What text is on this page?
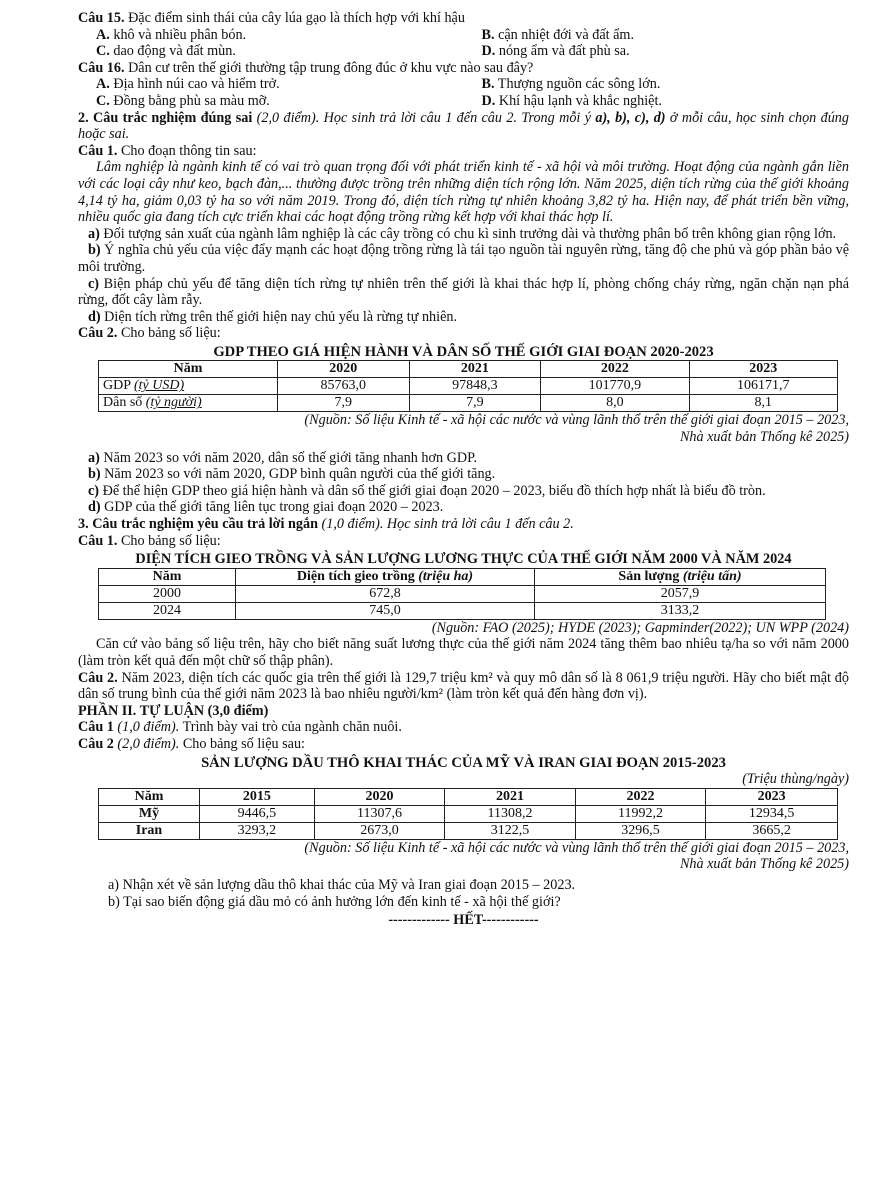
Câu 15. Đặc điểm sinh thái của cây lúa gạo là thích hợp với khí hậu

A. khô và nhiều phân bón.	B. cận nhiệt đới và đất ẩm.
C. dao động và đất mùn.	D. nóng ẩm và đất phù sa.

Câu 16. Dân cư trên thế giới thường tập trung đông đúc ở khu vực nào sau đây?

A. Địa hình núi cao và hiểm trở.	B. Thượng nguồn các sông lớn.
C. Đồng bằng phù sa màu mỡ.	D. Khí hậu lạnh và khắc nghiệt.

2. Câu trắc nghiệm đúng sai (2,0 điểm). Học sinh trả lời câu 1 đến câu 2. Trong mỗi ý a), b), c), d) ở mỗi câu, học sinh chọn đúng hoặc sai.

Câu 1. Cho đoạn thông tin sau:

Lâm nghiệp là ngành kinh tế có vai trò quan trọng đối với phát triển kinh tế - xã hội và môi trường. Hoạt động của ngành gắn liền với các loại cây như keo, bạch đàn,... thường được trồng trên những diện tích rộng lớn. Năm 2025, diện tích rừng của thế giới khoảng 4,14 tỷ ha, giảm 0,03 tỷ ha so với năm 2019. Trong đó, diện tích rừng tự nhiên khoảng 3,82 tỷ ha. Hiện nay, để phát triển bền vững, nhiều quốc gia đang tích cực triển khai các hoạt động trồng rừng kết hợp với khai thác hợp lí.

a) Đối tượng sản xuất của ngành lâm nghiệp là các cây trồng có chu kì sinh trưởng dài và thường phân bố trên không gian rộng lớn.

b) Ý nghĩa chủ yếu của việc đẩy mạnh các hoạt động trồng rừng là tái tạo nguồn tài nguyên rừng, tăng độ che phủ và góp phần bảo vệ môi trường.

c) Biện pháp chủ yếu để tăng diện tích rừng tự nhiên trên thế giới là khai thác hợp lí, phòng chống cháy rừng, ngăn chặn nạn phá rừng, đốt cây làm rẫy.

d) Diện tích rừng trên thế giới hiện nay chủ yếu là rừng tự nhiên.

Câu 2. Cho bảng số liệu:

GDP THEO GIÁ HIỆN HÀNH VÀ DÂN SỐ THẾ GIỚI GIAI ĐOẠN 2020-2023

Năm	2020	2021	2022	2023
GDP (tỷ USD)	85763,0	97848,3	101770,9	106171,7
Dân số (tỷ người)	7,9	7,9	8,0	8,1

(Nguồn: Số liệu Kinh tế - xã hội các nước và vùng lãnh thổ trên thế giới giai đoạn 2015 – 2023,

Nhà xuất bản Thống kê 2025)

a) Năm 2023 so với năm 2020, dân số thế giới tăng nhanh hơn GDP.

b) Năm 2023 so với năm 2020, GDP bình quân người của thế giới tăng.

c) Để thể hiện GDP theo giá hiện hành và dân số thế giới giai đoạn 2020 – 2023, biểu đồ thích hợp nhất là biểu đồ tròn.

d) GDP của thế giới tăng liên tục trong giai đoạn 2020 – 2023.

3. Câu trắc nghiệm yêu cầu trả lời ngắn (1,0 điểm). Học sinh trả lời câu 1 đến câu 2.

Câu 1. Cho bảng số liệu:

DIỆN TÍCH GIEO TRỒNG VÀ SẢN LƯỢNG LƯƠNG THỰC CỦA THẾ GIỚI NĂM 2000 VÀ NĂM 2024

Năm	Diện tích gieo trồng (triệu ha)	Sản lượng (triệu tấn)
2000	672,8	2057,9
2024	745,0	3133,2

(Nguồn: FAO (2025); HYDE (2023); Gapminder(2022); UN WPP (2024)

Căn cứ vào bảng số liệu trên, hãy cho biết năng suất lương thực của thế giới năm 2024 tăng thêm bao nhiêu tạ/ha so với năm 2000 (làm tròn kết quả đến một chữ số thập phân).

Câu 2. Năm 2023, diện tích các quốc gia trên thế giới là 129,7 triệu km² và quy mô dân số là 8 061,9 triệu người. Hãy cho biết mật độ dân số trung bình của thế giới năm 2023 là bao nhiêu người/km² (làm tròn kết quả đến hàng đơn vị).

PHẦN II. TỰ LUẬN (3,0 điểm)

Câu 1 (1,0 điểm). Trình bày vai trò của ngành chăn nuôi.

Câu 2 (2,0 điểm). Cho bảng số liệu sau:

SẢN LƯỢNG DẦU THÔ KHAI THÁC CỦA MỸ VÀ IRAN GIAI ĐOẠN 2015-2023

(Triệu thùng/ngày)

Năm	2015	2020	2021	2022	2023
Mỹ	9446,5	11307,6	11308,2	11992,2	12934,5
Iran	3293,2	2673,0	3122,5	3296,5	3665,2

(Nguồn: Số liệu Kinh tế - xã hội các nước và vùng lãnh thổ trên thế giới giai đoạn 2015 – 2023,

Nhà xuất bản Thống kê 2025)

a) Nhận xét về sản lượng dầu thô khai thác của Mỹ và Iran giai đoạn 2015 – 2023.

b) Tại sao biến động giá dầu mỏ có ảnh hưởng lớn đến kinh tế - xã hội thế giới?

------------- HẾT------------
